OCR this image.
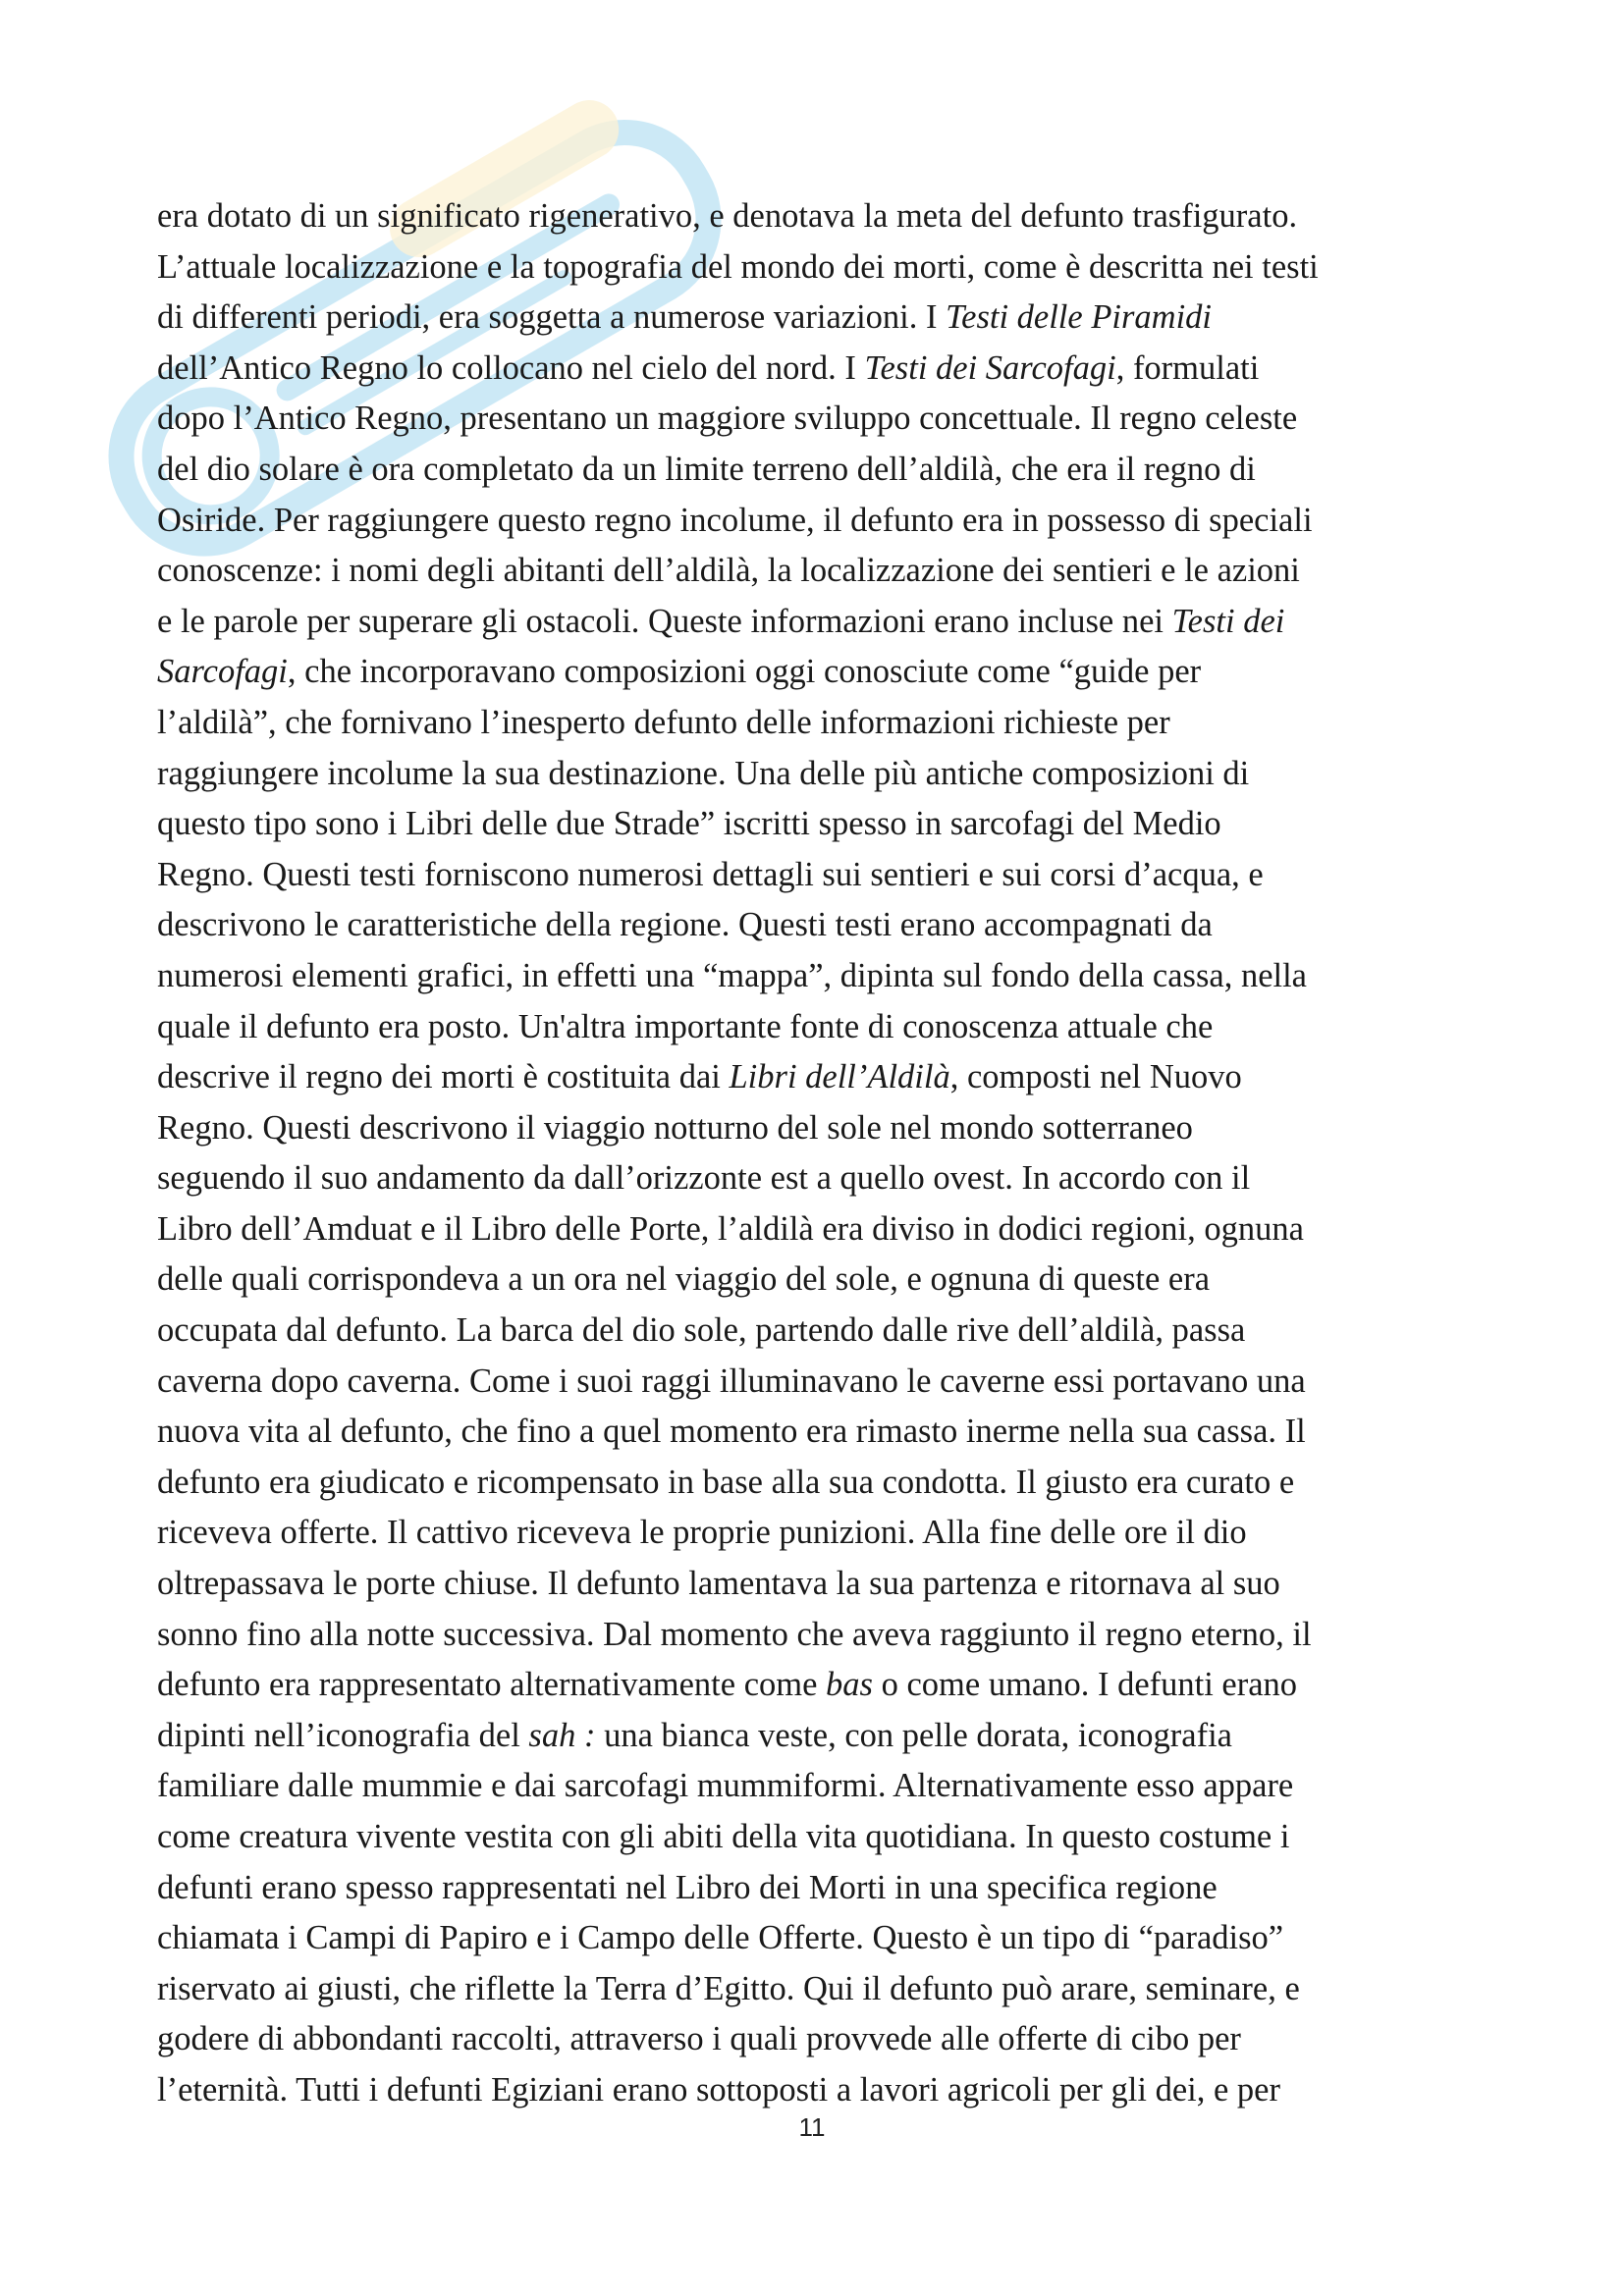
era dotato di un significato rigenerativo, e denotava la meta del defunto trasfigurato.
L’attuale localizzazione e la topografia del mondo dei morti, come è descritta nei testi
di differenti periodi, era soggetta a numerose variazioni. I Testi delle Piramidi
dell’Antico Regno lo collocano nel cielo del nord. I Testi dei Sarcofagi, formulati
dopo l’Antico Regno, presentano un maggiore sviluppo concettuale. Il regno celeste
del dio solare è ora completato da un limite terreno dell’aldilà, che era il regno di
Osiride. Per raggiungere questo regno incolume, il defunto era in possesso di speciali
conoscenze: i nomi degli abitanti dell’aldilà, la localizzazione dei sentieri e le azioni
e le parole per superare gli ostacoli. Queste informazioni erano incluse nei Testi dei
Sarcofagi, che incorporavano composizioni oggi conosciute come “guide per
l’aldilà”, che fornivano l’inesperto defunto delle informazioni richieste per
raggiungere incolume la sua destinazione. Una delle più antiche composizioni di
questo tipo sono i Libri delle due Strade” iscritti spesso in sarcofagi del Medio
Regno. Questi testi forniscono numerosi dettagli sui sentieri e sui corsi d’acqua, e
descrivono le caratteristiche della regione. Questi testi erano accompagnati da
numerosi elementi grafici, in effetti una “mappa”, dipinta sul fondo della cassa, nella
quale il defunto era posto. Un'altra importante fonte di conoscenza attuale che
descrive il regno dei morti è costituita dai Libri dell’Aldilà, composti nel Nuovo
Regno. Questi descrivono il viaggio notturno del sole nel mondo sotterraneo
seguendo il suo andamento da dall’orizzonte est a quello ovest. In accordo con il
Libro dell’Amduat e il Libro delle Porte, l’aldilà era diviso in dodici regioni, ognuna
delle quali corrispondeva a un ora nel viaggio del sole, e ognuna di queste era
occupata dal defunto. La barca del dio sole, partendo dalle rive dell’aldilà, passa
caverna dopo caverna. Come i suoi raggi illuminavano le caverne essi portavano una
nuova vita al defunto, che fino a quel momento era rimasto inerme nella sua cassa. Il
defunto era giudicato e ricompensato in base alla sua condotta. Il giusto era curato e
riceveva offerte. Il cattivo riceveva le proprie punizioni. Alla fine delle ore il dio
oltrepassava le porte chiuse. Il defunto lamentava la sua partenza e ritornava al suo
sonno fino alla notte successiva. Dal momento che aveva raggiunto il regno eterno, il
defunto era rappresentato alternativamente come bas o come umano. I defunti erano
dipinti nell’iconografia del sah : una bianca veste, con pelle dorata, iconografia
familiare dalle mummie e dai sarcofagi mummiformi. Alternativamente esso appare
come creatura vivente vestita con gli abiti della vita quotidiana. In questo costume i
defunti erano spesso rappresentati nel Libro dei Morti in una specifica regione
chiamata i Campi di Papiro e i Campo delle Offerte. Questo è un tipo di “paradiso”
riservato ai giusti, che riflette la Terra d’Egitto. Qui il defunto può arare, seminare, e
godere di abbondanti raccolti, attraverso i quali provvede alle offerte di cibo per
l’eternità. Tutti i defunti Egiziani erano sottoposti a lavori agricoli per gli dei, e per
11
